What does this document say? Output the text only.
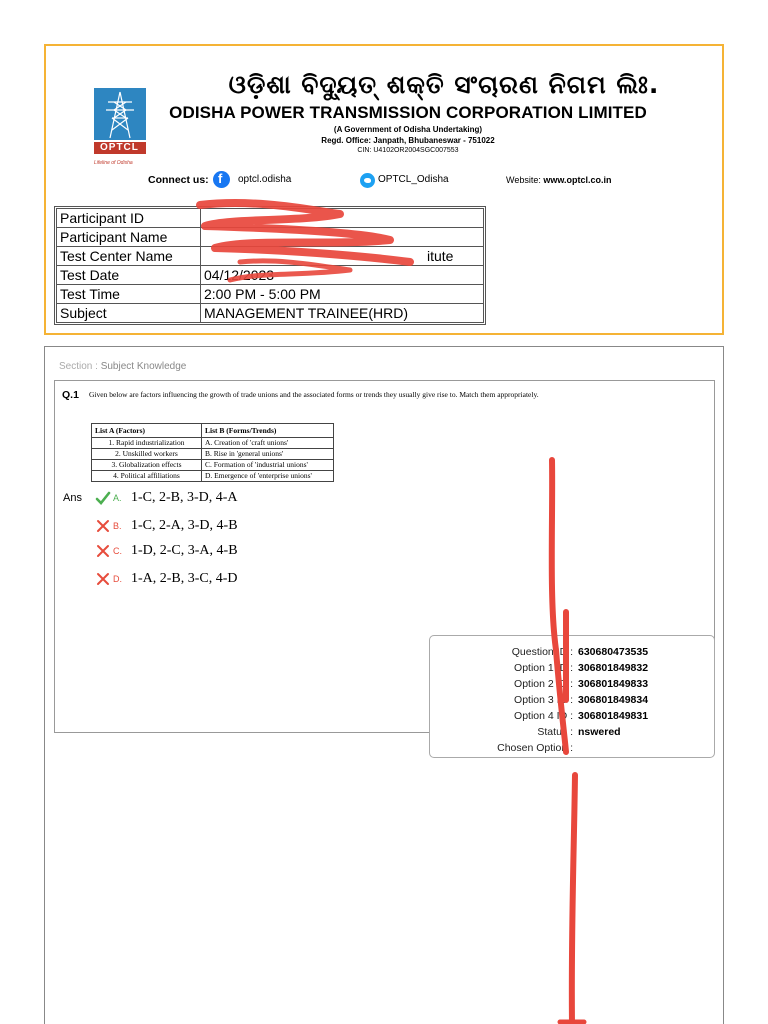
OPTCL
Lifeline of Odisha
ଓଡ଼ିଶା ବିଦ୍ୟୁତ୍ ଶକ୍ତି ସଂଚାରଣ ନିଗମ ଲିଃ.
ODISHA POWER TRANSMISSION CORPORATION LIMITED
(A Government of Odisha Undertaking)
Regd. Office: Janpath, Bhubaneswar - 751022
CIN: U4102OR2004SGC007553
Connect us: f	optcl.odisha	OPTCL_Odisha	Website: www.optcl.co.in
Participant ID	
Participant Name	
Test Center Name	itute
Test Date	04/12/2023
Test Time	2:00 PM - 5:00 PM
Subject	MANAGEMENT TRAINEE(HRD)
Section : Subject Knowledge
Q.1 Given below are factors influencing the growth of trade unions and the associated forms or trends they usually give rise to. Match them appropriately.
List A (Factors)	List B (Forms/Trends)
1. Rapid industrialization	A. Creation of 'craft unions'
2. Unskilled workers	B. Rise in 'general unions'
3. Globalization effects	C. Formation of 'industrial unions'
4. Political affiliations	D. Emergence of 'enterprise unions'
Ans	A. 1-C, 2-B, 3-D, 4-A
B. 1-C, 2-A, 3-D, 4-B
C. 1-D, 2-C, 3-A, 4-B
D. 1-A, 2-B, 3-C, 4-D
Question ID : 630680473535
Option 1 ID : 306801849832
Option 2 ID : 306801849833
Option 3 ID : 306801849834
Option 4 ID : 306801849831
Status : nswered
Chosen Option :
